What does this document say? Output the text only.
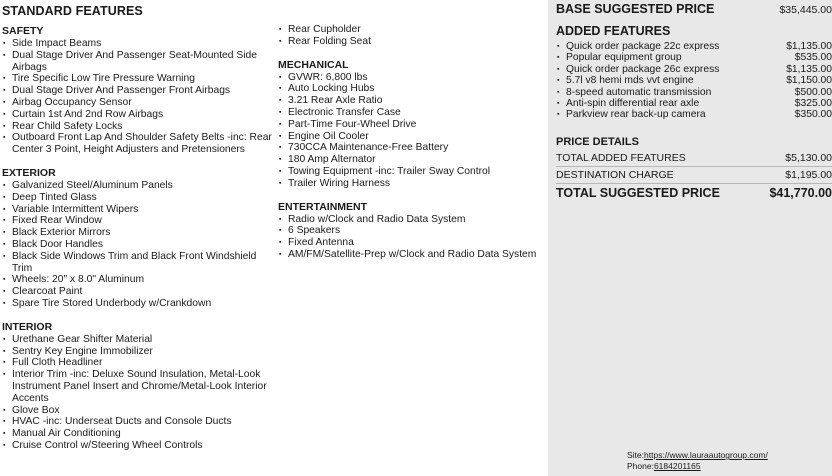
STANDARD FEATURES
SAFETY
▪ Side Impact Beams
▪ Dual Stage Driver And Passenger Seat-Mounted Side Airbags
▪ Tire Specific Low Tire Pressure Warning
▪ Dual Stage Driver And Passenger Front Airbags
▪ Airbag Occupancy Sensor
▪ Curtain 1st And 2nd Row Airbags
▪ Rear Child Safety Locks
▪ Outboard Front Lap And Shoulder Safety Belts -inc: Rear Center 3 Point, Height Adjusters and Pretensioners
EXTERIOR
▪ Galvanized Steel/Aluminum Panels
▪ Deep Tinted Glass
▪ Variable Intermittent Wipers
▪ Fixed Rear Window
▪ Black Exterior Mirrors
▪ Black Door Handles
▪ Black Side Windows Trim and Black Front Windshield Trim
▪ Wheels: 20" x 8.0" Aluminum
▪ Clearcoat Paint
▪ Spare Tire Stored Underbody w/Crankdown
INTERIOR
▪ Urethane Gear Shifter Material
▪ Sentry Key Engine Immobilizer
▪ Full Cloth Headliner
▪ Interior Trim -inc: Deluxe Sound Insulation, Metal-Look Instrument Panel Insert and Chrome/Metal-Look Interior Accents
▪ Glove Box
▪ HVAC -inc: Underseat Ducts and Console Ducts
▪ Manual Air Conditioning
▪ Cruise Control w/Steering Wheel Controls
▪ Rear Cupholder
▪ Rear Folding Seat
MECHANICAL
▪ GVWR: 6,800 lbs
▪ Auto Locking Hubs
▪ 3.21 Rear Axle Ratio
▪ Electronic Transfer Case
▪ Part-Time Four-Wheel Drive
▪ Engine Oil Cooler
▪ 730CCA Maintenance-Free Battery
▪ 180 Amp Alternator
▪ Towing Equipment -inc: Trailer Sway Control
▪ Trailer Wiring Harness
ENTERTAINMENT
▪ Radio w/Clock and Radio Data System
▪ 6 Speakers
▪ Fixed Antenna
▪ AM/FM/Satellite-Prep w/Clock and Radio Data System
BASE SUGGESTED PRICE	$35,445.00
ADDED FEATURES
▪ Quick order package 22c express	$1,135.00
▪ Popular equipment group	$535.00
▪ Quick order package 26c express	$1,135.00
▪ 5.7l v8 hemi mds vvt engine	$1,150.00
▪ 8-speed automatic transmission	$500.00
▪ Anti-spin differential rear axle	$325.00
▪ Parkview rear back-up camera	$350.00
PRICE DETAILS
TOTAL ADDED FEATURES	$5,130.00
DESTINATION CHARGE	$1,195.00
TOTAL SUGGESTED PRICE	$41,770.00
Site:https://www.lauraautogroup.com/
Phone:6184201165
